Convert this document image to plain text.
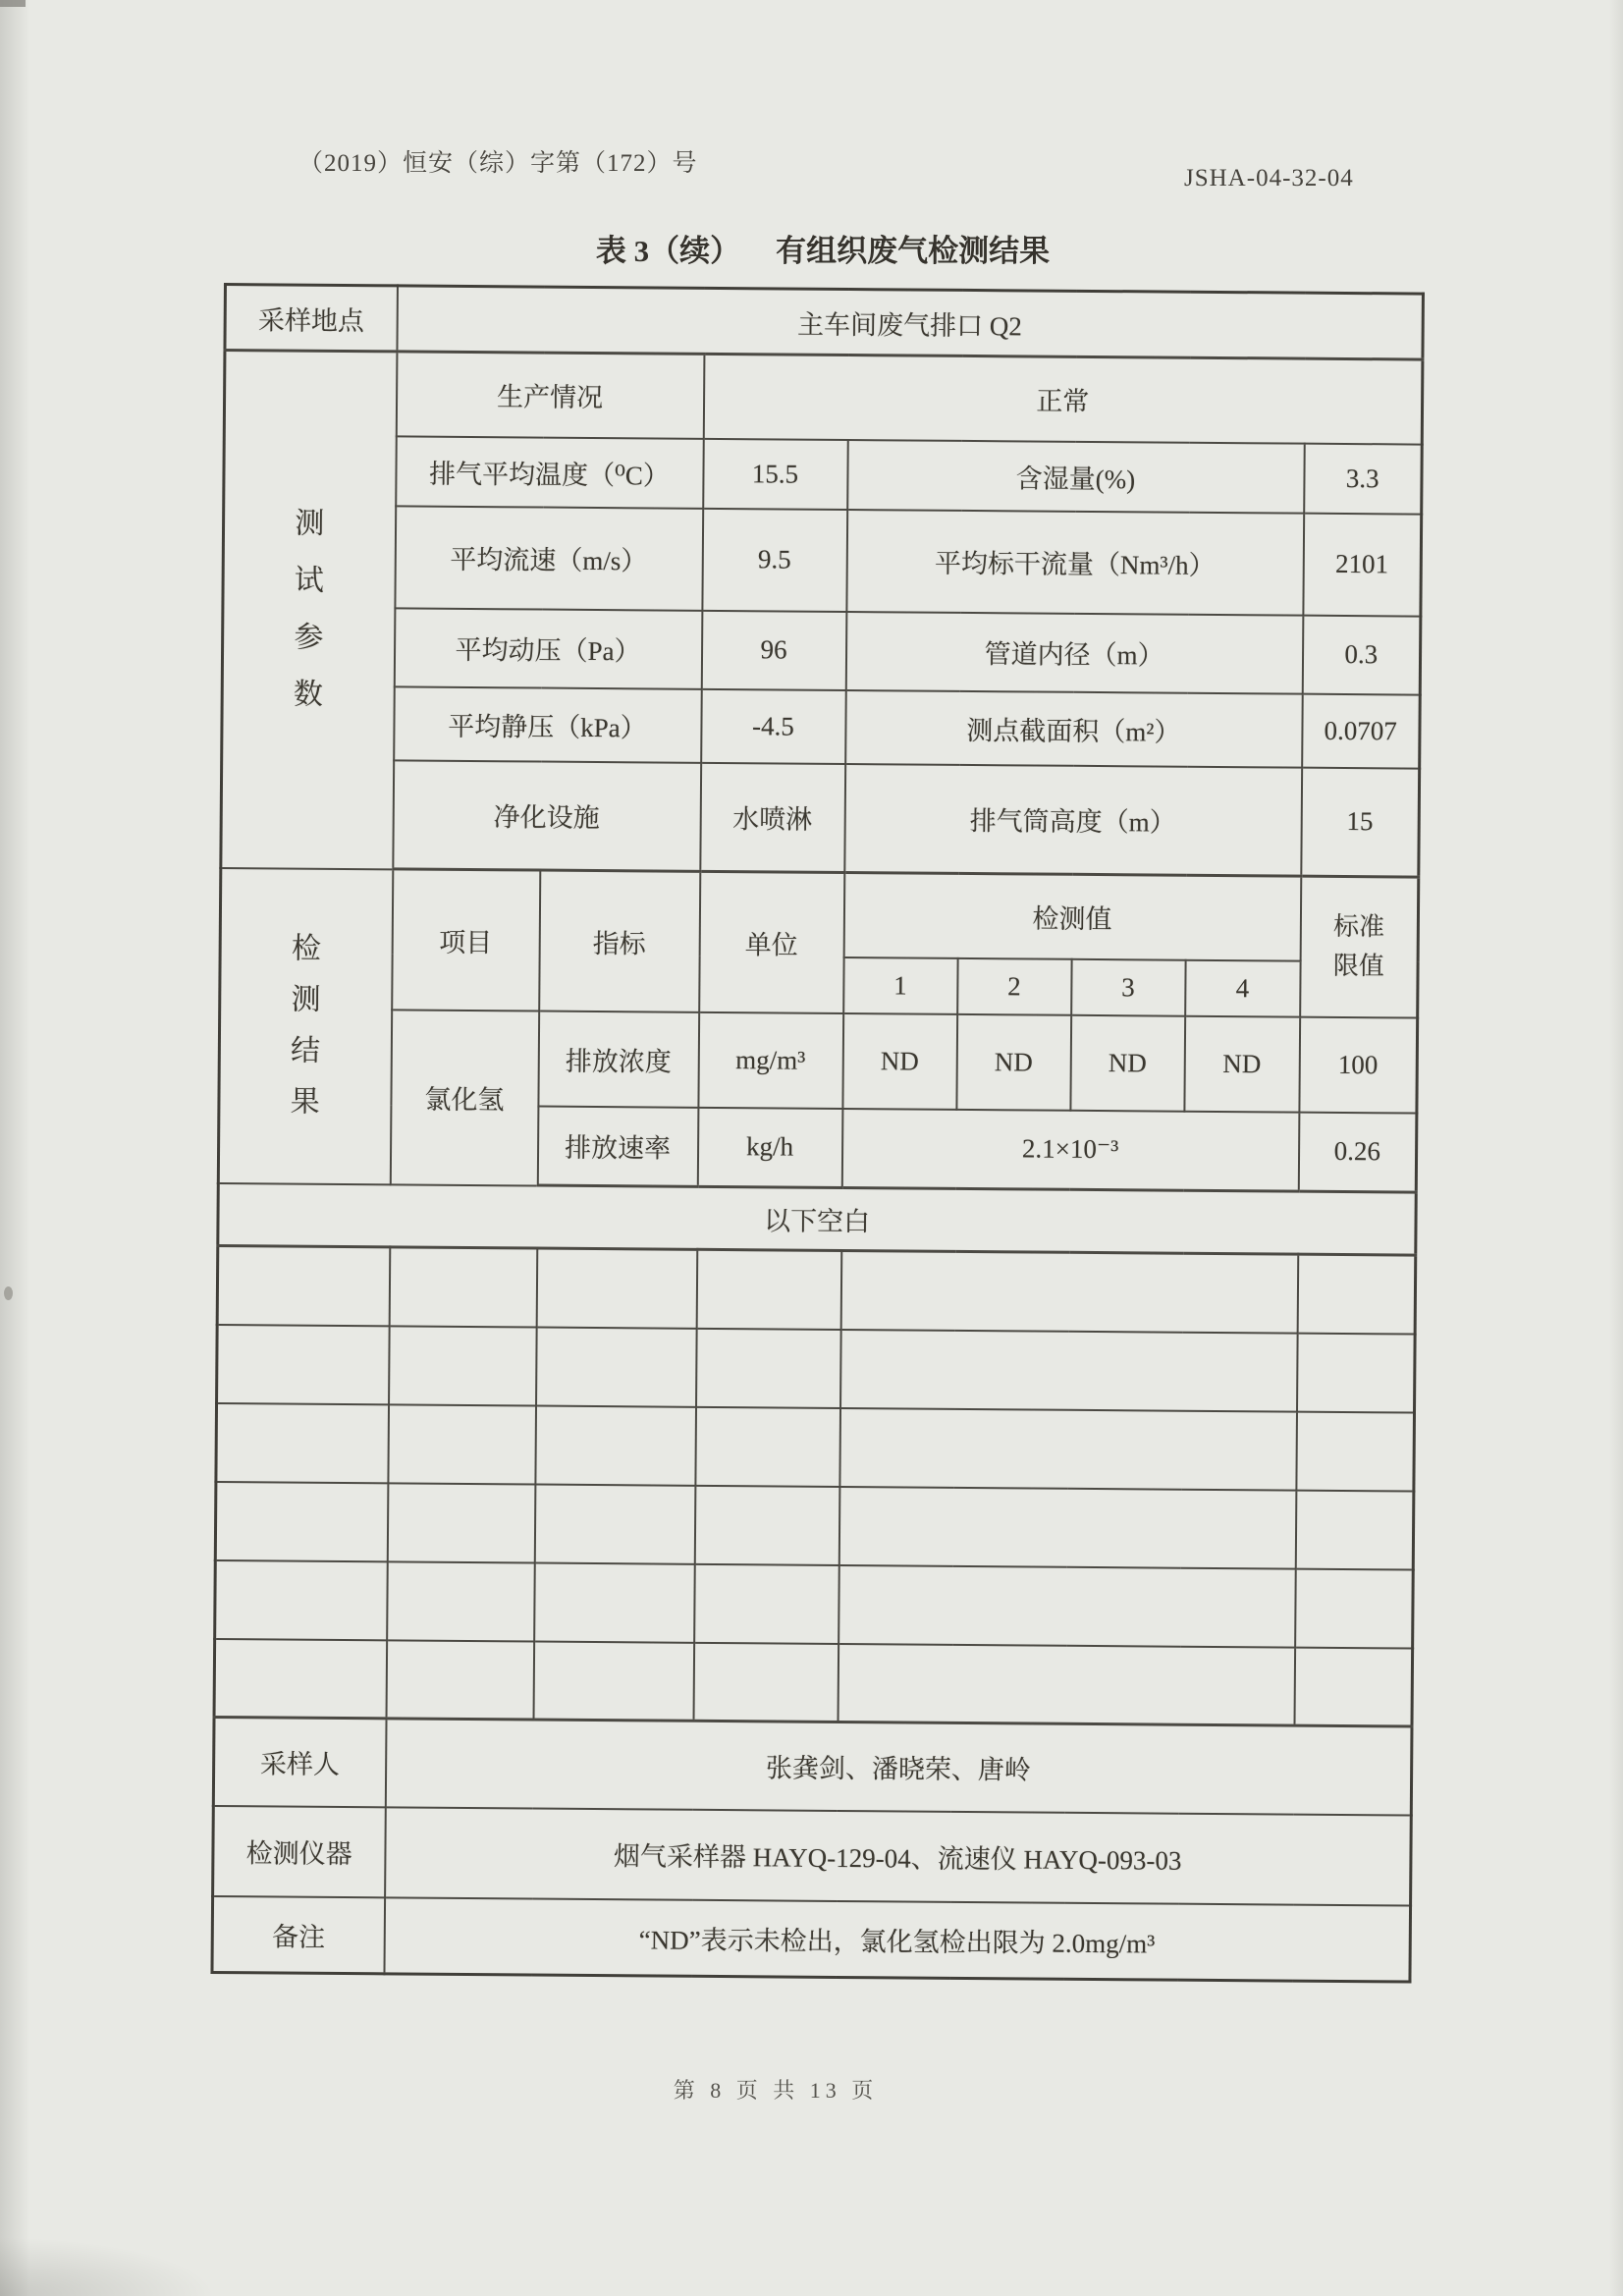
（2019）恒安（综）字第（172）号
JSHA-04-32-04
表 3（续） 有组织废气检测结果
采样地点	主车间废气排口 Q2							

测
试
参
数	生产情况		正常					
	排气平均温度（⁰C）		15.5	含湿量(%)				3.3
	平均流速（m/s）		9.5	平均标干流量（Nm³/h）				2101
	平均动压（Pa）		96	管道内径（m）				0.3
	平均静压（kPa）		-4.5	测点截面积（m²）				0.0707
	净化设施		水喷淋	排气筒高度（m）				15

检
测
结
果	项目	指标	单位	检测值				标准
限值

				1	2	3	4	
	氯化氢	排放浓度	mg/m³	ND	ND	ND	ND	100
		排放速率	kg/h	2.1×10⁻³				0.26
以下空白								

采样人	张龚剑、潘晓荣、唐岭							
检测仪器	烟气采样器 HAYQ-129-04、流速仪 HAYQ-093-03							
备注	“ND”表示未检出，氯化氢检出限为 2.0mg/m³							
第 8 页 共 13 页
